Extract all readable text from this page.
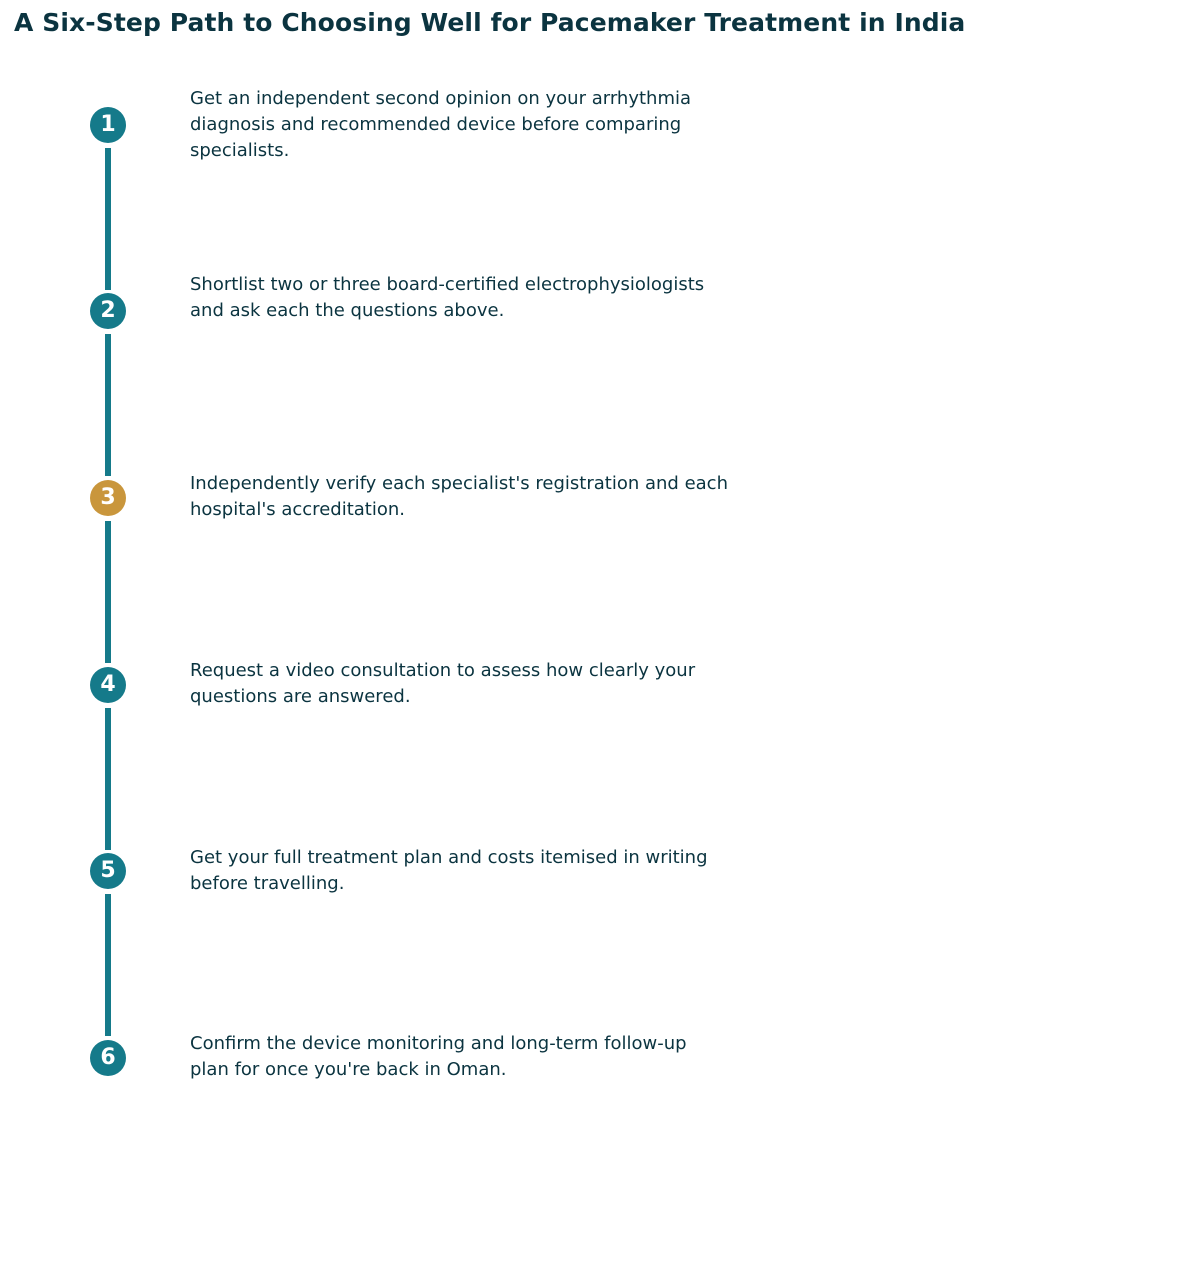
A Six-Step Path to Choosing Well for Pacemaker Treatment in India
1

Get an independent second opinion on your arrhythmia diagnosis and recommended device before comparing specialists.

2

Shortlist two or three board-certified electrophysiologists and ask each the questions above.

3

Independently verify each specialist's registration and each hospital's accreditation.

4

Request a video consultation to assess how clearly your questions are answered.

5

Get your full treatment plan and costs itemised in writing before travelling.

6

Confirm the device monitoring and long-term follow-up plan for once you're back in Oman.
